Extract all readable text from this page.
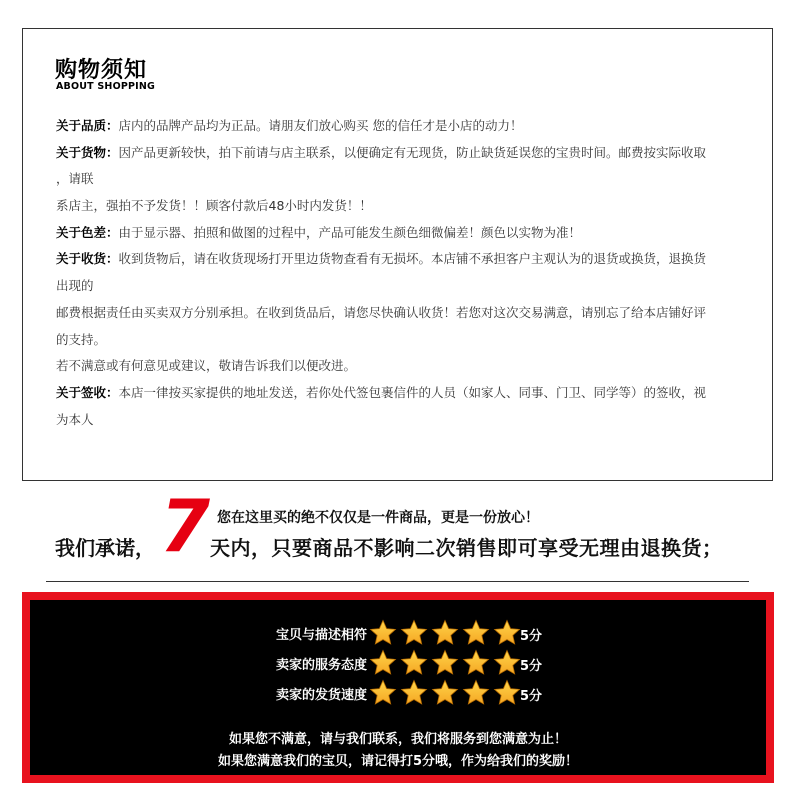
购物须知
ABOUT SHOPPING
关于品质：店内的品牌产品均为正品。请朋友们放心购买 您的信任才是小店的动力！
关于货物：因产品更新较快，拍下前请与店主联系，以便确定有无现货，防止缺货延误您的宝贵时间。邮费按实际收取
，请联
系店主，强拍不予发货！！顾客付款后48小时内发货！！
关于色差：由于显示器、拍照和做图的过程中，产品可能发生颜色细微偏差！颜色以实物为准！
关于收货：收到货物后，请在收货现场打开里边货物查看有无损坏。本店铺不承担客户主观认为的退货或换货，退换货
出现的
邮费根据责任由买卖双方分别承担。在收到货品后，请您尽快确认收货！若您对这次交易满意，请别忘了给本店铺好评
的支持。
若不满意或有何意见或建议，敬请告诉我们以便改进。
关于签收：本店一律按买家提供的地址发送，若你处代签包裹信件的人员（如家人、同事、门卫、同学等）的签收，视
为本人
我们承诺， 7 您在这里买的绝不仅仅是一件商品，更是一份放心！
天内，只要商品不影响二次销售即可享受无理由退换货；
宝贝与描述相符	5分
卖家的服务态度	5分
卖家的发货速度	5分
如果您不满意，请与我们联系，我们将服务到您满意为止！
如果您满意我们的宝贝，请记得打5分哦，作为给我们的奖励！
